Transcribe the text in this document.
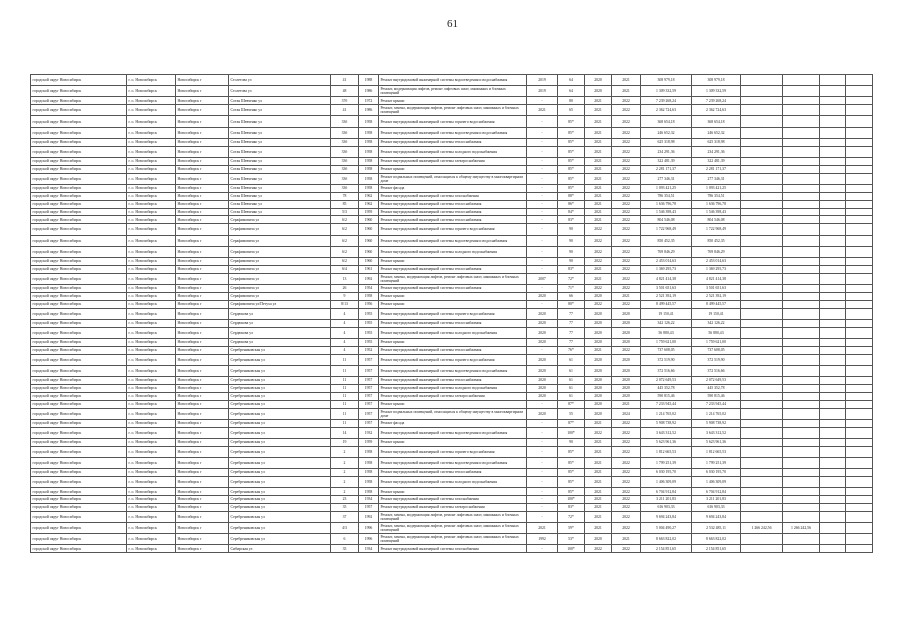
61
городской округ Новосибирск	г. о. Новосибирск	Новосибирск г	Столетова ул	41	1988	Ремонт внутридомовой инженерной системы водоотведения и водоснабжения	2019	64	2020	2021	308 979,18	308 979,18				
городской округ Новосибирск	г. о. Новосибирск	Новосибирск г	Столетова ул	48	1986	Ремонт, модернизация лифтов, ремонт лифтовых шахт, машинных и блочных помещений	2019	64	2020	2021	1 309 332,59	1 309 332,59				
городской округ Новосибирск	г. о. Новосибирск	Новосибирск г	Сотая Шевченко ул	37б	1972	Ремонт крыши	-	80	2021	2022	7 239 268,24	7 239 268,24				
городской округ Новосибирск	г. о. Новосибирск	Новосибирск г	Сотая Шевченко ул	41	1986	Ремонт, замена, модернизация лифтов, ремонт лифтовых шахт, машинных и блочных помещений	2021	65	2021	2022	2 362 724,63	2 362 724,63				
городской округ Новосибирск	г. о. Новосибирск	Новосибирск г	Сотая Шевченко ул	33б	1958	Ремонт внутридомовой инженерной системы горячего водоснабжения	-	85*	2021	2022	368 654,18	368 654,18				
городской округ Новосибирск	г. о. Новосибирск	Новосибирск г	Сотая Шевченко ул	33б	1958	Ремонт внутридомовой инженерной системы водоотведения и водоснабжения	-	85*	2021	2022	246 652,32	246 652,32				
городской округ Новосибирск	г. о. Новосибирск	Новосибирск г	Сотая Шевченко ул	33б	1958	Ремонт внутридомовой инженерной системы теплоснабжения	-	85*	2021	2022	625 318,98	625 318,98				
городской округ Новосибирск	г. о. Новосибирск	Новосибирск г	Сотая Шевченко ул	33б	1958	Ремонт внутридомовой инженерной системы холодного водоснабжения	-	85*	2021	2022	234 291,36	234 291,36				
городской округ Новосибирск	г. о. Новосибирск	Новосибирск г	Сотая Шевченко ул	33б	1958	Ремонт внутридомовой инженерной системы электроснабжения	-	85*	2021	2022	322 481,39	322 481,39				
городской округ Новосибирск	г. о. Новосибирск	Новосибирск г	Сотая Шевченко ул	33б	1958	Ремонт крыши	-	85*	2021	2022	2 281 171,37	2 281 171,37				
городской округ Новосибирск	г. о. Новосибирск	Новосибирск г	Сотая Шевченко ул	33б	1958	Ремонт подвальных помещений, относящихся к общему имуществу в многоквартирном доме	-	85*	2021	2022	277 346,31	277 346,31				
городской округ Новосибирск	г. о. Новосибирск	Новосибирск г	Сотая Шевченко ул	33б	1958	Ремонт фасада	-	85*	2021	2022	1 093 421,25	1 093 421,25				
городской округ Новосибирск	г. о. Новосибирск	Новосибирск г	Сотая Шевченко ул	78	1962	Ремонт внутридомовой инженерной системы газоснабжения	-	88*	2021	2022	786 354,51	786 354,51				
городской округ Новосибирск	г. о. Новосибирск	Новосибирск г	Сотая Шевченко ул	85	1962	Ремонт внутридомовой инженерной системы теплоснабжения	-	86*	2021	2022	1 636 796,78	1 636 796,78				
городской округ Новосибирск	г. о. Новосибирск	Новосибирск г	Сотая Шевченко ул	5/3	1959	Ремонт внутридомовой инженерной системы теплоснабжения	-	84*	2021	2022	1 546 398,43	1 546 398,43				
городской округ Новосибирск	г. о. Новосибирск	Новосибирск г	Серафимовича ул	6/2	1960	Ремонт внутридомовой инженерной системы теплоснабжения	-	83*	2021	2022	804 546,08	804 546,08				
городской округ Новосибирск	г. о. Новосибирск	Новосибирск г	Серафимовича ул	6/2	1960	Ремонт внутридомовой инженерной системы горячего водоснабжения	-	90	2022	2022	1 722 968,49	1 722 968,49				
городской округ Новосибирск	г. о. Новосибирск	Новосибирск г	Серафимовича ул	6/2	1960	Ремонт внутридомовой инженерной системы водоотведения и водоснабжения	-	90	2022	2022	850 452,35	850 452,35				
городской округ Новосибирск	г. о. Новосибирск	Новосибирск г	Серафимовича ул	6/2	1960	Ремонт внутридомовой инженерной системы холодного водоснабжения	-	90	2022	2022	769 846,29	769 846,29				
городской округ Новосибирск	г. о. Новосибирск	Новосибирск г	Серафимовича ул	6/2	1960	Ремонт крыши	-	90	2022	2022	2 453 014,63	2 453 014,63				
городской округ Новосибирск	г. о. Новосибирск	Новосибирск г	Серафимовича ул	6/4	1961	Ремонт внутридомовой инженерной системы теплоснабжения	-	83*	2021	2022	1 369 295,73	1 369 295,73				
городской округ Новосибирск	г. о. Новосибирск	Новосибирск г	Серафимовича ул	13	1992	Ремонт, замена, модернизация лифтов, ремонт лифтовых шахт, машинных и блочных помещений	2007	72*	2021	2022	4 821 414,38	4 821 414,38				
городской округ Новосибирск	г. о. Новосибирск	Новосибирск г	Серафимовича ул	26	1954	Ремонт внутридомовой инженерной системы теплоснабжения	-	71*	2022	2022	3 501 651,63	3 501 651,63				
городской округ Новосибирск	г. о. Новосибирск	Новосибирск г	Серафимовича ул	9	1958	Ремонт крыши	2020	66	2020	2021	2 521 392,19	2 521 392,19				
городской округ Новосибирск	г. о. Новосибирск	Новосибирск г	Серафимовича ул/Петуха ул	8/13	1956	Ремонт крыши	-	80*	2022	2022	8 499 445,57	8 499 445,57				
городской округ Новосибирск	г. о. Новосибирск	Новосибирск г	Сердюкова ул	4	1955	Ремонт внутридомовой инженерной системы горячего водоснабжения	2020	77	2020	2020	19 150,41	19 150,41				
городской округ Новосибирск	г. о. Новосибирск	Новосибирск г	Сердюкова ул	4	1955	Ремонт внутридомовой инженерной системы теплоснабжения	2020	77	2020	2020	342 126,22	342 126,22				
городской округ Новосибирск	г. о. Новосибирск	Новосибирск г	Сердюкова ул	4	1955	Ремонт внутридомовой инженерной системы холодного водоснабжения	2020	77	2020	2020	56 880,43	56 880,43				
городской округ Новосибирск	г. о. Новосибирск	Новосибирск г	Сердюкова ул	4	1955	Ремонт крыши	2020	77	2020	2020	1 759 621,00	1 759 621,00				
городской округ Новосибирск	г. о. Новосибирск	Новосибирск г	Серебрениковская ул	4	1952	Ремонт внутридомовой инженерной системы теплоснабжения	-	76*	2021	2022	737 608,05	737 608,05				
городской округ Новосибирск	г. о. Новосибирск	Новосибирск г	Серебрениковская ул	11	1957	Ремонт внутридомовой инженерной системы горячего водоснабжения	2020	61	2020	2020	372 519,90	372 519,90				
городской округ Новосибирск	г. о. Новосибирск	Новосибирск г	Серебрениковская ул	11	1957	Ремонт внутридомовой инженерной системы водоотведения и водоснабжения	2020	61	2020	2020	372 516,66	372 516,66				
городской округ Новосибирск	г. о. Новосибирск	Новосибирск г	Серебрениковская ул	11	1957	Ремонт внутридомовой инженерной системы теплоснабжения	2020	61	2020	2020	2 072 649,53	2 072 649,53				
городской округ Новосибирск	г. о. Новосибирск	Новосибирск г	Серебрениковская ул	11	1957	Ремонт внутридомовой инженерной системы холодного водоснабжения	2020	61	2020	2020	445 352,78	445 352,78				
городской округ Новосибирск	г. о. Новосибирск	Новосибирск г	Серебрениковская ул	11	1957	Ремонт внутридомовой инженерной системы электроснабжения	2020	61	2020	2020	590 815,46	590 815,46				
городской округ Новосибирск	г. о. Новосибирск	Новосибирск г	Серебрениковская ул	11	1957	Ремонт крыши	-	87*	2020	2021	7 233 945,44	7 233 945,44				
городской округ Новосибирск	г. о. Новосибирск	Новосибирск г	Серебрениковская ул	11	1957	Ремонт подвальных помещений, относящихся к общему имуществу в многоквартирном доме	2020	55	2020	2024	1 214 765,02	1 214 765,02				
городской округ Новосибирск	г. о. Новосибирск	Новосибирск г	Серебрениковская ул	11	1957	Ремонт фасада	-	87*	2021	2022	5 908 738,92	5 908 738,92				
городской округ Новосибирск	г. о. Новосибирск	Новосибирск г	Серебрениковская ул	14	1932	Ремонт внутридомовой инженерной системы водоотведения и водоснабжения	-	100*	2022	2022	3 643 312,52	3 643 312,52				
городской округ Новосибирск	г. о. Новосибирск	Новосибирск г	Серебрениковская ул	19	1959	Ремонт крыши	-	90	2021	2022	5 623 961,36	5 623 961,36				
городской округ Новосибирск	г. о. Новосибирск	Новосибирск г	Серебрениковская ул	2	1958	Ремонт внутридомовой инженерной системы горячего водоснабжения	-	85*	2021	2022	1 812 665,53	1 812 665,53				
городской округ Новосибирск	г. о. Новосибирск	Новосибирск г	Серебрениковская ул	2	1958	Ремонт внутридомовой инженерной системы водоотведения и водоснабжения	-	85*	2021	2022	1 799 251,39	1 799 251,39				
городской округ Новосибирск	г. о. Новосибирск	Новосибирск г	Серебрениковская ул	2	1958	Ремонт внутридомовой инженерной системы теплоснабжения	-	85*	2021	2022	6 030 195,70	6 030 195,70				
городской округ Новосибирск	г. о. Новосибирск	Новосибирск г	Серебрениковская ул	2	1958	Ремонт внутридомовой инженерной системы холодного водоснабжения	-	85*	2021	2022	1 406 309,09	1 406 309,09				
городской округ Новосибирск	г. о. Новосибирск	Новосибирск г	Серебрениковская ул	2	1958	Ремонт крыши	-	85*	2021	2022	6 704 912,84	6 704 912,84				
городской округ Новосибирск	г. о. Новосибирск	Новосибирск г	Серебрениковская ул	23	1934	Ремонт внутридомовой инженерной системы газоснабжения	-	100*	2021	2022	3 211 201,83	3 211 201,83				
городской округ Новосибирск	г. о. Новосибирск	Новосибирск г	Серебрениковская ул	35	1957	Ремонт внутридомовой инженерной системы электроснабжения	-	83*	2021	2022	616 903,33	616 903,33				
городской округ Новосибирск	г. о. Новосибирск	Новосибирск г	Серебрениковская ул	37	1992	Ремонт, замена, модернизация лифтов, ремонт лифтовых шахт, машинных и блочных помещений	-	72*	2021	2022	9 694 243,84	9 694 243,84				
городской округ Новосибирск	г. о. Новосибирск	Новосибирск г	Серебрениковская ул	4/3	1996	Ремонт, замена, модернизация лифтов, ремонт лифтовых шахт, машинных и блочных помещений	2021	59*	2021	2022	5 004 490,27	2 532 485,11	1 266 242,56	1 266 242,56		
городской округ Новосибирск	г. о. Новосибирск	Новосибирск г	Серебрениковская ул	6	1996	Ремонт, замена, модернизация лифтов, ремонт лифтовых шахт, машинных и блочных помещений	1992	53*	2020	2021	8 663 822,02	8 663 822,02				
городской округ Новосибирск	г. о. Новосибирск	Новосибирск г	Сибирская ул	35	1934	Ремонт внутридомовой инженерной системы газоснабжения	-	100*	2022	2022	2 154 851,65	2 154 851,65				
